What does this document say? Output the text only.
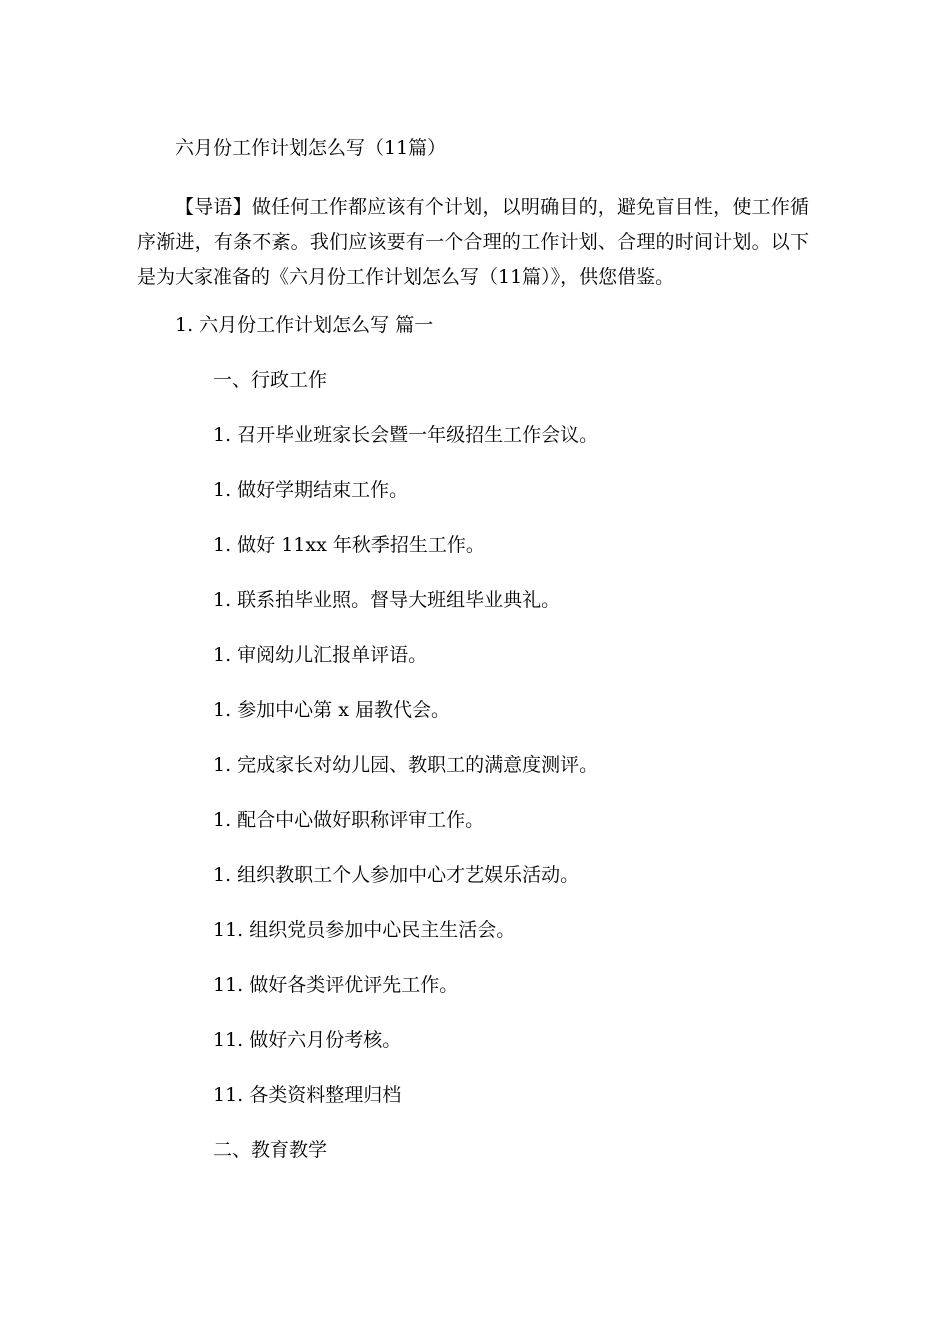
六月份工作计划怎么写（11篇）

【导语】做任何工作都应该有个计划，以明确目的，避免盲目性，使工作循序渐进，有条不紊。我们应该要有一个合理的工作计划、合理的时间计划。以下是为大家准备的《六月份工作计划怎么写（11篇）》，供您借鉴。

1. 六月份工作计划怎么写 篇一

一、行政工作

1. 召开毕业班家长会暨一年级招生工作会议。

1. 做好学期结束工作。

1. 做好 11xx 年秋季招生工作。

1. 联系拍毕业照。督导大班组毕业典礼。

1. 审阅幼儿汇报单评语。

1. 参加中心第 x 届教代会。

1. 完成家长对幼儿园、教职工的满意度测评。

1. 配合中心做好职称评审工作。

1. 组织教职工个人参加中心才艺娱乐活动。

11. 组织党员参加中心民主生活会。

11. 做好各类评优评先工作。

11. 做好六月份考核。

11. 各类资料整理归档

二、教育教学
